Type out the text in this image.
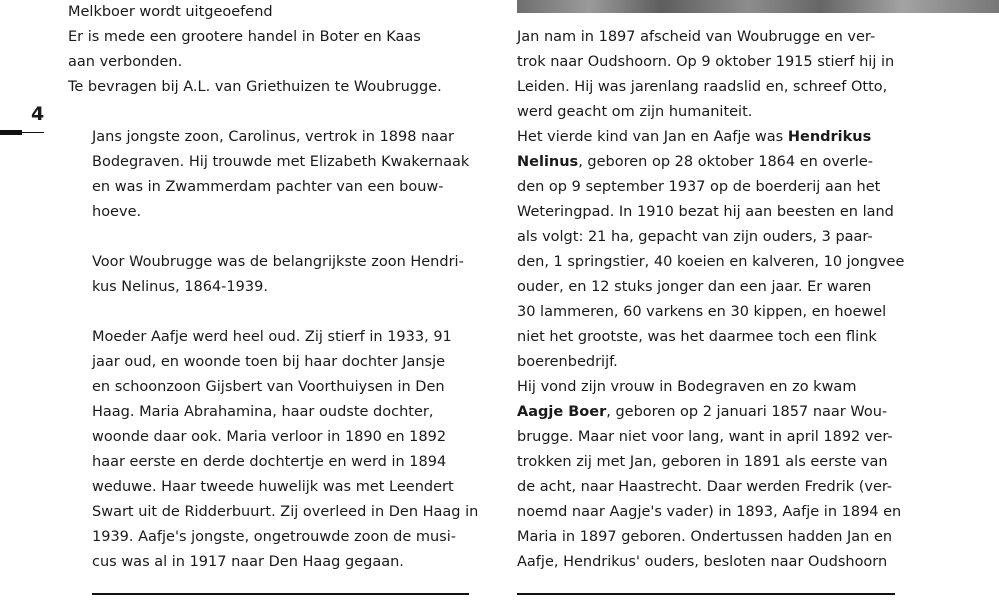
Melkboer wordt uitgeoefend
Er is mede een grootere handel in Boter en Kaas
aan verbonden.
Te bevragen bij A.L. van Griethuizen te Woubrugge.
4
Jans jongste zoon, Carolinus, vertrok in 1898 naar
Bodegraven. Hij trouwde met Elizabeth Kwakernaak
en was in Zwammerdam pachter van een bouw-
hoeve.
Voor Woubrugge was de belangrijkste zoon Hendri-
kus Nelinus, 1864-1939.
Moeder Aafje werd heel oud. Zij stierf in 1933, 91
jaar oud, en woonde toen bij haar dochter Jansje
en schoonzoon Gijsbert van Voorthuiysen in Den
Haag. Maria Abrahamina, haar oudste dochter,
woonde daar ook. Maria verloor in 1890 en 1892
haar eerste en derde dochtertje en werd in 1894
weduwe. Haar tweede huwelijk was met Leendert
Swart uit de Ridderbuurt. Zij overleed in Den Haag in
1939. Aafje's jongste, ongetrouwde zoon de musi-
cus was al in 1917 naar Den Haag gegaan.
Jan nam in 1897 afscheid van Woubrugge en ver-
trok naar Oudshoorn. Op 9 oktober 1915 stierf hij in
Leiden. Hij was jarenlang raadslid en, schreef Otto,
werd geacht om zijn humaniteit.
Het vierde kind van Jan en Aafje was Hendrikus
Nelinus, geboren op 28 oktober 1864 en overle-
den op 9 september 1937 op de boerderij aan het
Weteringpad. In 1910 bezat hij aan beesten en land
als volgt: 21 ha, gepacht van zijn ouders, 3 paar-
den, 1 springstier, 40 koeien en kalveren, 10 jongvee
ouder, en 12 stuks jonger dan een jaar. Er waren
30 lammeren, 60 varkens en 30 kippen, en hoewel
niet het grootste, was het daarmee toch een flink
boerenbedrijf.
Hij vond zijn vrouw in Bodegraven en zo kwam
Aagje Boer, geboren op 2 januari 1857 naar Wou-
brugge. Maar niet voor lang, want in april 1892 ver-
trokken zij met Jan, geboren in 1891 als eerste van
de acht, naar Haastrecht. Daar werden Fredrik (ver-
noemd naar Aagje's vader) in 1893, Aafje in 1894 en
Maria in 1897 geboren. Ondertussen hadden Jan en
Aafje, Hendrikus' ouders, besloten naar Oudshoorn
